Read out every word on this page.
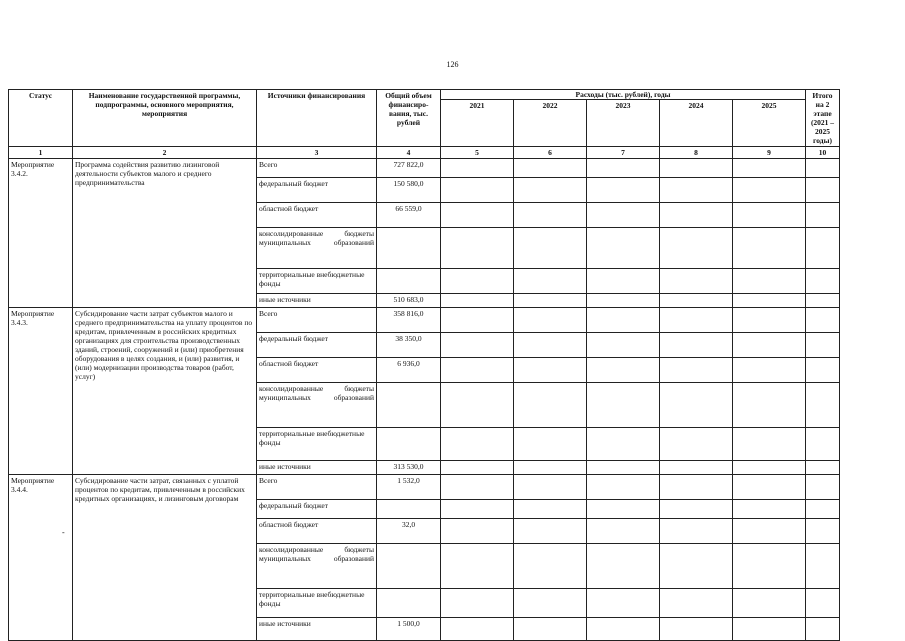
126
Статус	Наименование государственной программы, подпрограммы, основного мероприятия, мероприятия	Источники финансирования	Общий объем финансиро-вания, тыс. рублей	Расходы (тыс. рублей), годы					Итого на 2 этапе (2021 – 2025 годы)
				2021	2022	2023	2024	2025	
1	2	3	4	5	6	7	8	9	10
Мероприятие 3.4.2.	Программа содействия развитию лизинговой деятельности субъектов малого и среднего предпринимательства	Всего	727 822,0						
		федеральный бюджет	150 580,0						
		областной бюджет	66 559,0						
		консолидированные бюджеты муниципальных образований							
		территориальные внебюджетные фонды							
		иные источники	510 683,0						
Мероприятие 3.4.3.	Субсидирование части затрат субъектов малого и среднего предпринимательства на уплату процентов по кредитам, привлеченным в российских кредитных организациях для строительства производственных зданий, строений, сооружений и (или) приобретения оборудования в целях создания, и (или) развития, и (или) модернизации производства товаров (работ, услуг)	Всего	358 816,0						
		федеральный бюджет	38 350,0						
		областной бюджет	6 936,0						
		консолидированные бюджеты муниципальных образований							
		территориальные внебюджетные фонды							
		иные источники	313 530,0						
Мероприятие 3.4.4.	Субсидирование части затрат, связанных с уплатой процентов по кредитам, привлеченным в российских кредитных организациях, и лизинговым договорам	Всего	1 532,0						
		федеральный бюджет							
		областной бюджет	32,0						
		консолидированные бюджеты муниципальных образований							
		территориальные внебюджетные фонды							
		иные источники	1 500,0						
-
